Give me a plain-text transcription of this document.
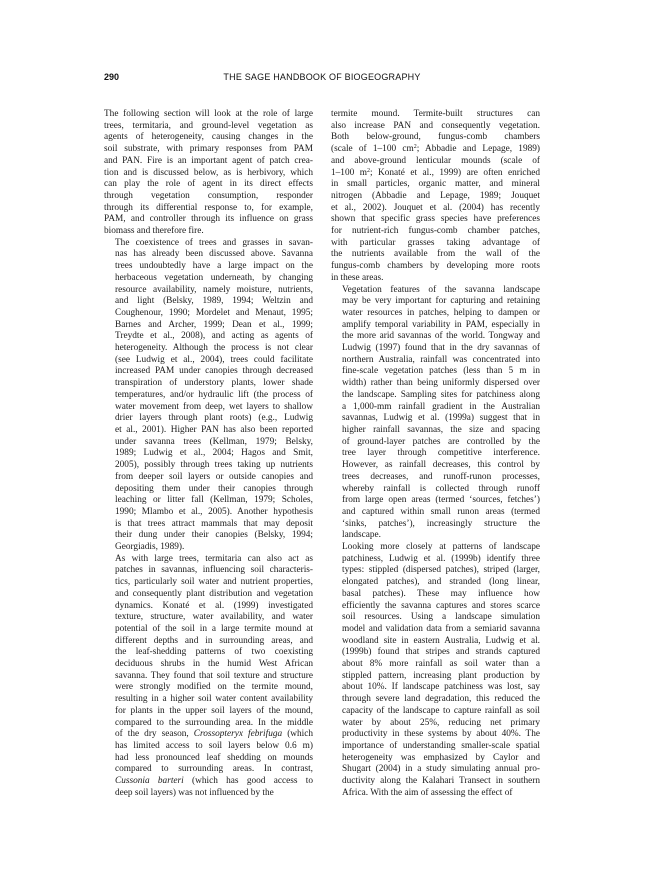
290	THE SAGE HANDBOOK OF BIOGEOGRAPHY

The following section will look at the role of large
trees, termitaria, and ground-level vegetation as
agents of heterogeneity, causing changes in the
soil substrate, with primary responses from PAM
and PAN. Fire is an important agent of patch crea-
tion and is discussed below, as is herbivory, which
can play the role of agent in its direct effects
through vegetation consumption, responder
through its differential response to, for example,
PAM, and controller through its influence on grass
biomass and therefore fire.

The coexistence of trees and grasses in savan-
nas has already been discussed above. Savanna
trees undoubtedly have a large impact on the
herbaceous vegetation underneath, by changing
resource availability, namely moisture, nutrients,
and light (Belsky, 1989, 1994; Weltzin and
Coughenour, 1990; Mordelet and Menaut, 1995;
Barnes and Archer, 1999; Dean et al., 1999;
Treydte et al., 2008), and acting as agents of
heterogeneity. Although the process is not clear
(see Ludwig et al., 2004), trees could facilitate
increased PAM under canopies through decreased
transpiration of understory plants, lower shade
temperatures, and/or hydraulic lift (the process of
water movement from deep, wet layers to shallow
drier layers through plant roots) (e.g., Ludwig
et al., 2001). Higher PAN has also been reported
under savanna trees (Kellman, 1979; Belsky,
1989; Ludwig et al., 2004; Hagos and Smit,
2005), possibly through trees taking up nutrients
from deeper soil layers or outside canopies and
depositing them under their canopies through
leaching or litter fall (Kellman, 1979; Scholes,
1990; Mlambo et al., 2005). Another hypothesis
is that trees attract mammals that may deposit
their dung under their canopies (Belsky, 1994;
Georgiadis, 1989).

As with large trees, termitaria can also act as
patches in savannas, influencing soil characteris-
tics, particularly soil water and nutrient properties,
and consequently plant distribution and vegetation
dynamics. Konaté et al. (1999) investigated
texture, structure, water availability, and water
potential of the soil in a large termite mound at
different depths and in surrounding areas, and
the leaf-shedding patterns of two coexisting
deciduous shrubs in the humid West African
savanna. They found that soil texture and structure
were strongly modified on the termite mound,
resulting in a higher soil water content availability
for plants in the upper soil layers of the mound,
compared to the surrounding area. In the middle
of the dry season, Crossopteryx febrifuga (which
has limited access to soil layers below 0.6 m)
had less pronounced leaf shedding on mounds
compared to surrounding areas. In contrast,
Cussonia barteri (which has good access to
deep soil layers) was not influenced by the

termite mound. Termite-built structures can
also increase PAN and consequently vegetation.
Both below-ground, fungus-comb chambers
(scale of 1–100 $cm^2$; Abbadie and Lepage, 1989)
and above-ground lenticular mounds (scale of
1–100 $m^2$; Konaté et al., 1999) are often enriched
in small particles, organic matter, and mineral
nitrogen (Abbadie and Lepage, 1989; Jouquet
et al., 2002). Jouquet et al. (2004) has recently
shown that specific grass species have preferences
for nutrient-rich fungus-comb chamber patches,
with particular grasses taking advantage of
the nutrients available from the wall of the
fungus-comb chambers by developing more roots
in these areas.

Vegetation features of the savanna landscape
may be very important for capturing and retaining
water resources in patches, helping to dampen or
amplify temporal variability in PAM, especially in
the more arid savannas of the world. Tongway and
Ludwig (1997) found that in the dry savannas of
northern Australia, rainfall was concentrated into
fine-scale vegetation patches (less than 5 m in
width) rather than being uniformly dispersed over
the landscape. Sampling sites for patchiness along
a 1,000-mm rainfall gradient in the Australian
savannas, Ludwig et al. (1999a) suggest that in
higher rainfall savannas, the size and spacing
of ground-layer patches are controlled by the
tree layer through competitive interference.
However, as rainfall decreases, this control by
trees decreases, and runoff-runon processes,
whereby rainfall is collected through runoff
from large open areas (termed ‘sources, fetches’)
and captured within small runon areas (termed
‘sinks, patches’), increasingly structure the
landscape.

Looking more closely at patterns of landscape
patchiness, Ludwig et al. (1999b) identify three
types: stippled (dispersed patches), striped (larger,
elongated patches), and stranded (long linear,
basal patches). These may influence how
efficiently the savanna captures and stores scarce
soil resources. Using a landscape simulation
model and validation data from a semiarid savanna
woodland site in eastern Australia, Ludwig et al.
(1999b) found that stripes and strands captured
about 8% more rainfall as soil water than a
stippled pattern, increasing plant production by
about 10%. If landscape patchiness was lost, say
through severe land degradation, this reduced the
capacity of the landscape to capture rainfall as soil
water by about 25%, reducing net primary
productivity in these systems by about 40%. The
importance of understanding smaller-scale spatial
heterogeneity was emphasized by Caylor and
Shugart (2004) in a study simulating annual pro-
ductivity along the Kalahari Transect in southern
Africa. With the aim of assessing the effect of
